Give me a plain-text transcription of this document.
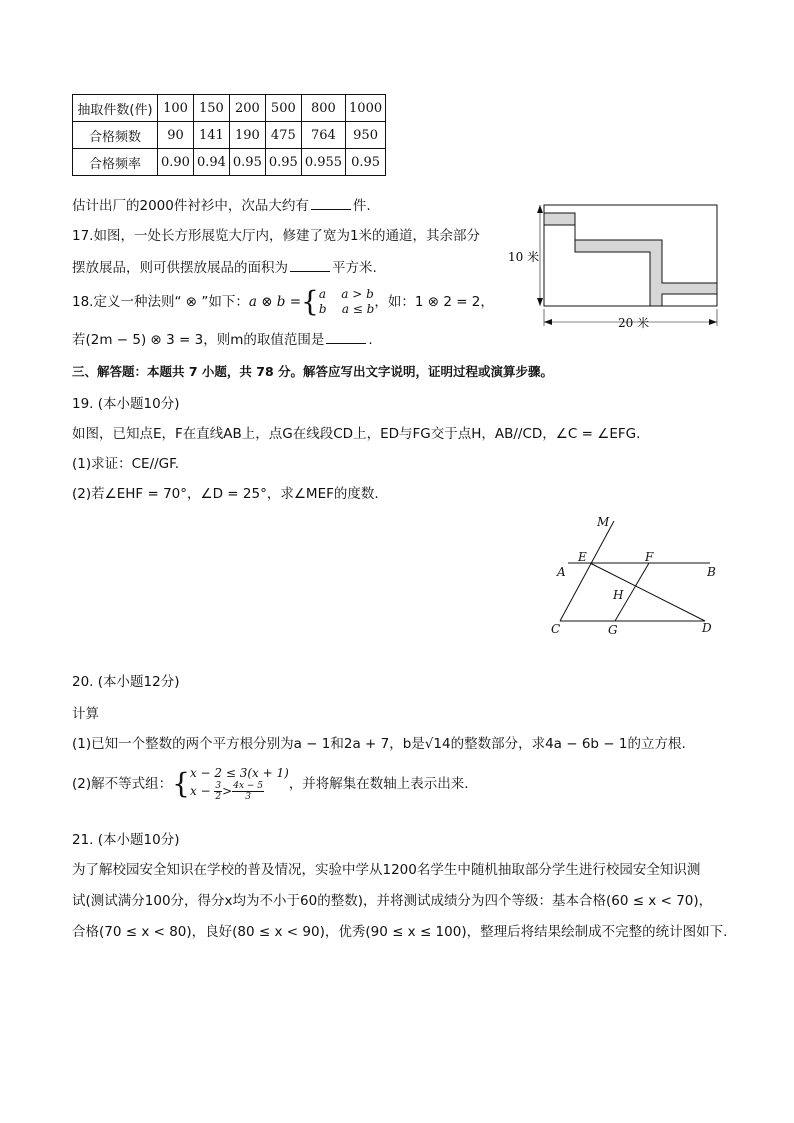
抽取件数(件)	100	150	200	500	800	1000
合格频数	90	141	190	475	764	950
合格频率	0.90	0.94	0.95	0.95	0.955	0.95
估计出厂的2000件衬衫中，次品大约有	件.
17.如图，一处长方形展览大厅内，修建了宽为1米的通道，其余部分
摆放展品，则可供摆放展品的面积为	平方米.
10 米
20 米
18.定义一种法则“ ⊗ ”如下：a ⊗ b ={a    a > b
b    a ≤ b，如：1 ⊗ 2 = 2，
若(2m − 5) ⊗ 3 = 3，则m的取值范围是	.
三、解答题：本题共 7 小题，共 78 分。解答应写出文字说明，证明过程或演算步骤。
19. (本小题10分)
如图，已知点E，F在直线AB上，点G在线段CD上，ED与FG交于点H，AB//CD，∠C = ∠EFG.
(1)求证：CE//GF.
(2)若∠EHF = 70°，∠D = 25°，求∠MEF的度数.
M
E	F
A	B
H
C	G	D
20. (本小题12分)
计算
(1)已知一个整数的两个平方根分别为a − 1和2a + 7，b是√14的整数部分，求4a − 6b − 1的立方根.
(2)解不等式组：{x − 2 ≤ 3(x + 1)
$x - \frac{3}{2} > \frac{4x - 5}{3}$ ，并将解集在数轴上表示出来.
21. (本小题10分)
为了解校园安全知识在学校的普及情况，实验中学从1200名学生中随机抽取部分学生进行校园安全知识测
试(测试满分100分，得分x均为不小于60的整数)，并将测试成绩分为四个等级：基本合格(60 ≤ x < 70)，
合格(70 ≤ x < 80)，良好(80 ≤ x < 90)，优秀(90 ≤ x ≤ 100)，整理后将结果绘制成不完整的统计图如下.
